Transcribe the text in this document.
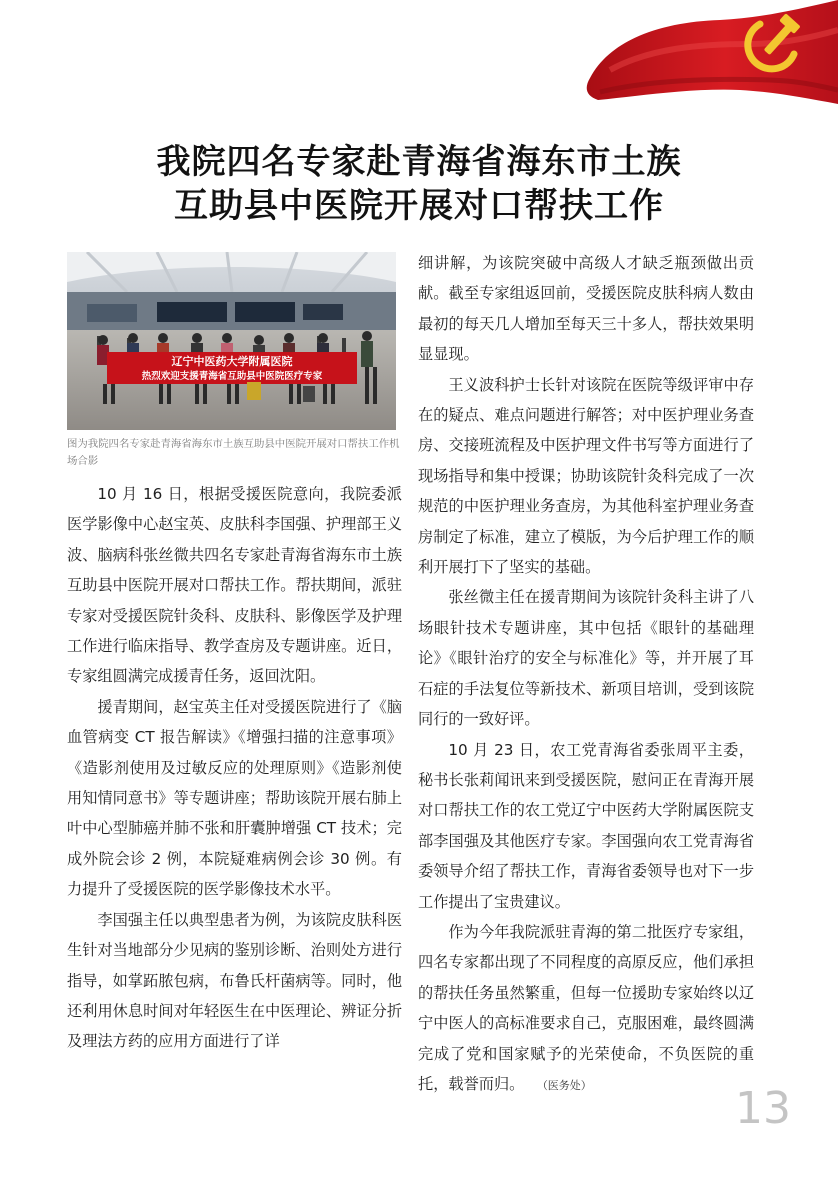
我院四名专家赴青海省海东市土族
互助县中医院开展对口帮扶工作
辽宁中医药大学附属医院
热烈欢迎支援青海省互助县中医院医疗专家
图为我院四名专家赴青海省海东市土族互助县中医院开展对口帮扶工作机场合影

10 月 16 日，根据受援医院意向，我院委派医学影像中心赵宝英、皮肤科李国强、护理部王义波、脑病科张丝微共四名专家赴青海省海东市土族互助县中医院开展对口帮扶工作。帮扶期间，派驻专家对受援医院针灸科、皮肤科、影像医学及护理工作进行临床指导、教学查房及专题讲座。近日，专家组圆满完成援青任务，返回沈阳。

援青期间，赵宝英主任对受援医院进行了《脑血管病变 CT 报告解读》《增强扫描的注意事项》《造影剂使用及过敏反应的处理原则》《造影剂使用知情同意书》等专题讲座；帮助该院开展右肺上叶中心型肺癌并肺不张和肝囊肿增强 CT 技术；完成外院会诊 2 例，本院疑难病例会诊 30 例。有力提升了受援医院的医学影像技术水平。

李国强主任以典型患者为例，为该院皮肤科医生针对当地部分少见病的鉴别诊断、治则处方进行指导，如掌跖脓包病，布鲁氏杆菌病等。同时，他还利用休息时间对年轻医生在中医理论、辨证分折及理法方药的应用方面进行了详

细讲解，为该院突破中高级人才缺乏瓶颈做出贡献。截至专家组返回前，受援医院皮肤科病人数由最初的每天几人增加至每天三十多人，帮扶效果明显显现。

王义波科护士长针对该院在医院等级评审中存在的疑点、难点问题进行解答；对中医护理业务查房、交接班流程及中医护理文件书写等方面进行了现场指导和集中授课；协助该院针灸科完成了一次规范的中医护理业务查房，为其他科室护理业务查房制定了标准，建立了模版，为今后护理工作的顺利开展打下了坚实的基础。

张丝微主任在援青期间为该院针灸科主讲了八场眼针技术专题讲座，其中包括《眼针的基础理论》《眼针治疗的安全与标准化》等，并开展了耳石症的手法复位等新技术、新项目培训，受到该院同行的一致好评。

10 月 23 日，农工党青海省委张周平主委，秘书长张莉闻讯来到受援医院，慰问正在青海开展对口帮扶工作的农工党辽宁中医药大学附属医院支部李国强及其他医疗专家。李国强向农工党青海省委领导介绍了帮扶工作，青海省委领导也对下一步工作提出了宝贵建议。

作为今年我院派驻青海的第二批医疗专家组，四名专家都出现了不同程度的高原反应，他们承担的帮扶任务虽然繁重，但每一位援助专家始终以辽宁中医人的高标准要求自己，克服困难，最终圆满完成了党和国家赋予的光荣使命，不负医院的重托，载誉而归。 （医务处）	13
